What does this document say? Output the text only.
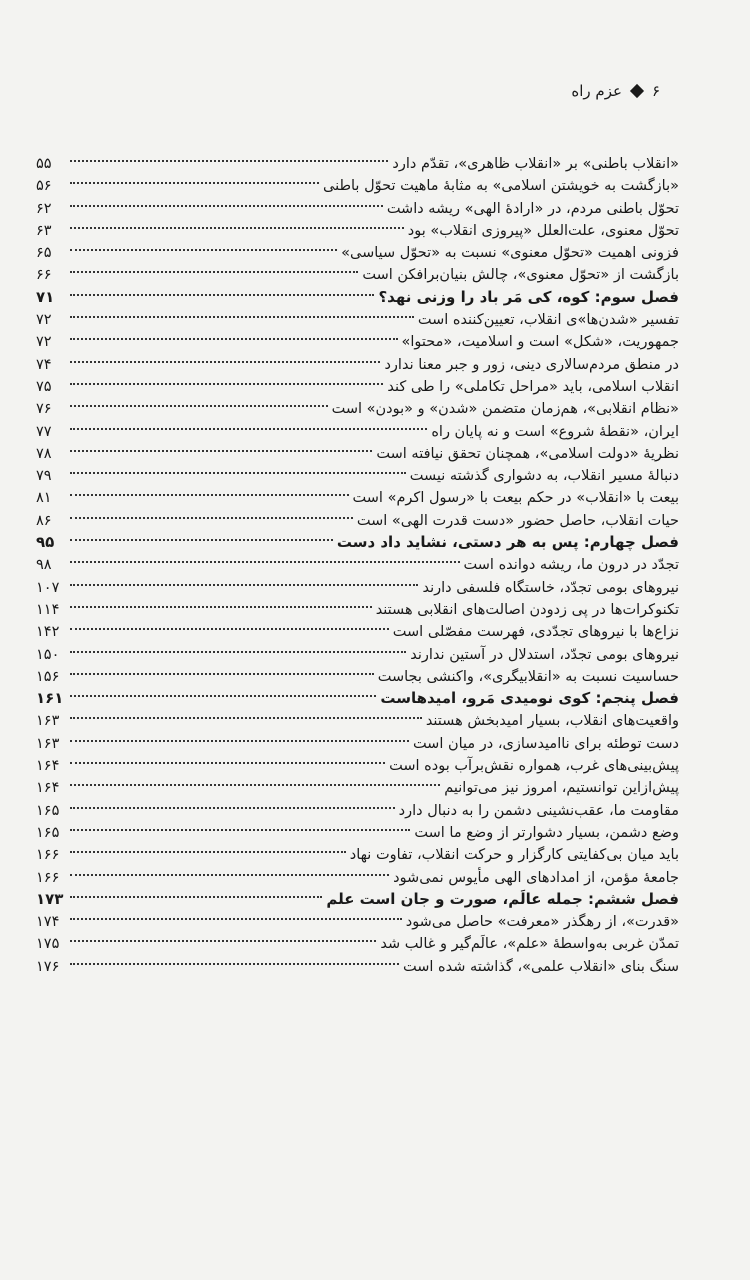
۶
عزم راه
«انقلاب باطنی» بر «انقلاب ظاهری»، تقدّم دارد
۵۵
«بازگشت به خویشتن اسلامی» به مثابهٔ ماهیت تحوّل باطنی
۵۶
تحوّل باطنی مردم، در «ارادهٔ الهی» ریشه داشت
۶۲
تحوّل معنوی، علت‌العلل «پیروزی انقلاب» بود
۶۳
فزونی اهمیت «تحوّل معنوی» نسبت به «تحوّل سیاسی»
۶۵
بازگشت از «تحوّل معنوی»، چالش بنیان‌برافکن است
۶۶
فصل سوم: کوه، کی مَر باد را وزنی نهد؟
۷۱
تفسیر «شدن‌ها»ی انقلاب، تعیین‌کننده است
۷۲
جمهوریت، «شکل» است و اسلامیت، «محتوا»
۷۲
در منطق مردم‌سالاری دینی، زور و جبر معنا ندارد
۷۴
انقلاب اسلامی، باید «مراحل تکاملی» را طی کند
۷۵
«نظام انقلابی»، هم‌زمان متضمن «شدن» و «بودن» است
۷۶
ایران، «نقطهٔ شروع» است و نه پایان راه
۷۷
نظریهٔ «دولت اسلامی»، همچنان تحقق نیافته است
۷۸
دنبالهٔ مسیر انقلاب، به دشواری گذشته نیست
۷۹
بیعت با «انقلاب» در حکم بیعت با «رسول اکرم» است
۸۱
حیات انقلاب، حاصل حضور «دست قدرت الهی» است
۸۶
فصل چهارم: پس به هر دستی، نشاید داد دست
۹۵
تجدّد در درون ما، ریشه دوانده است
۹۸
نیروهای بومی تجدّد، خاستگاه فلسفی دارند
۱۰۷
تکنوکرات‌ها در پی زدودن اصالت‌های انقلابی هستند
۱۱۴
نزاع‌ها با نیروهای تجدّدی، فهرست مفصّلی است
۱۴۲
نیروهای بومی تجدّد، استدلال در آستین ندارند
۱۵۰
حساسیت نسبت به «انقلابیگری»، واکنشی بجاست
۱۵۶
فصل پنجم: کوی نومیدی مَرو، امیدهاست
۱۶۱
واقعیت‌های انقلاب، بسیار امیدبخش هستند
۱۶۳
دست توطئه برای ناامیدسازی، در میان است
۱۶۳
پیش‌بینی‌های غرب، همواره نقش‌برآب بوده است
۱۶۴
پیش‌ازاین توانستیم، امروز نیز می‌توانیم
۱۶۴
مقاومت ما، عقب‌نشینی دشمن را به دنبال دارد
۱۶۵
وضع دشمن، بسیار دشوارتر از وضع ما است
۱۶۵
باید میان بی‌کفایتی کارگزار و حرکت انقلاب، تفاوت نهاد
۱۶۶
جامعهٔ مؤمن، از امدادهای الهی مأیوس نمی‌شود
۱۶۶
فصل ششم: جمله عالَم، صورت و جان است علم
۱۷۳
«قدرت»، از رهگذر «معرفت» حاصل می‌شود
۱۷۴
تمدّن غربی به‌واسطهٔ «علم»، عالَم‌گیر و غالب شد
۱۷۵
سنگ بنای «انقلاب علمی»، گذاشته شده است
۱۷۶
